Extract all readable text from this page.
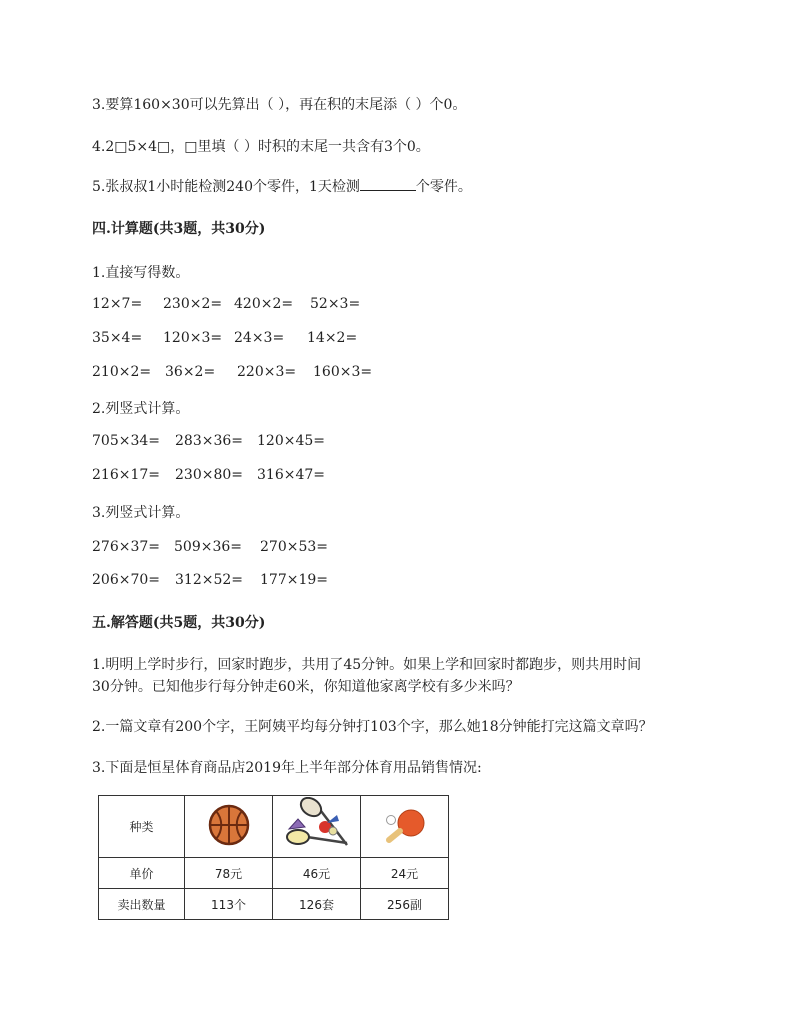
3.要算160×30可以先算出（ ），再在积的末尾添（ ）个0。
4.2□5×4□，□里填（ ）时积的末尾一共含有3个0。
5.张叔叔1小时能检测240个零件，1天检测	个零件。
四.计算题(共3题，共30分)
1.直接写得数。
12×7= 230×2= 420×2= 52×3=
35×4= 120×3= 24×3= 14×2=
210×2= 36×2= 220×3= 160×3=
2.列竖式计算。
705×34= 283×36= 120×45=
216×17= 230×80= 316×47=
3.列竖式计算。
276×37= 509×36= 270×53=
206×70= 312×52= 177×19=
五.解答题(共5题，共30分)
1.明明上学时步行，回家时跑步，共用了45分钟。如果上学和回家时都跑步，则共用时间
30分钟。已知他步行每分钟走60米，你知道他家离学校有多少米吗？
2.一篇文章有200个字，王阿姨平均每分钟打103个字，那么她18分钟能打完这篇文章吗？
3.下面是恒星体育商品店2019年上半年部分体育用品销售情况:
种类			
单价	78元	46元	24元
卖出数量	113个	126套	256副
